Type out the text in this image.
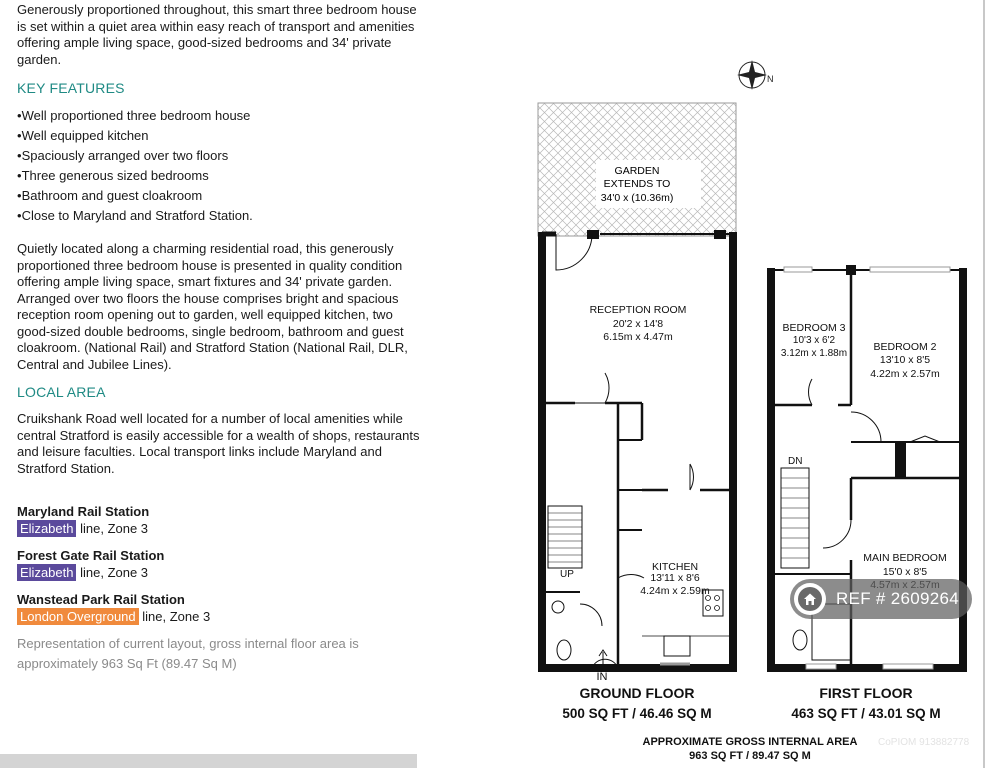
Generously proportioned throughout, this smart three bedroom house is set within a quiet area within easy reach of transport and amenities offering ample living space, good-sized bedrooms and 34' private garden.

KEY FEATURES

• Well proportioned three bedroom house
• Well equipped kitchen
• Spaciously arranged over two floors
• Three generous sized bedrooms
• Bathroom and guest cloakroom
• Close to Maryland and Stratford Station.

Quietly located along a charming residential road, this generously proportioned three bedroom house is presented in quality condition offering ample living space, smart fixtures and 34' private garden. Arranged over two floors the house comprises bright and spacious reception room opening out to garden, well equipped kitchen, two good-sized double bedrooms, single bedroom, bathroom and guest cloakroom. (National Rail) and Stratford Station (National Rail, DLR, Central and Jubilee Lines).

LOCAL AREA

Cruikshank Road well located for a number of local amenities while central Stratford is easily accessible for a wealth of shops, restaurants and leisure faculties. Local transport links include Maryland and Stratford Station.

Maryland Rail Station
Elizabeth line, Zone 3
Forest Gate Rail Station
Elizabeth line, Zone 3
Wanstead Park Rail Station
London Overground line, Zone 3

Representation of current layout, gross internal floor area is approximately 963 Sq Ft (89.47 Sq M)

N
GARDEN
EXTENDS TO
34'0 x (10.36m)
UP
RECEPTION ROOM
20'2 x 14'8
6.15m x 4.47m
KITCHEN
13'11 x 8'6
4.24m x 2.59m
IN
DN
BEDROOM 3
10'3 x 6'2
3.12m x 1.88m
BEDROOM 2
13'10 x 8'5
4.22m x 2.57m
MAIN BEDROOM
15'0 x 8'5
GROUND FLOOR
500 SQ FT / 46.46 SQ M
FIRST FLOOR
463 SQ FT / 43.01 SQ M
APPROXIMATE GROSS INTERNAL AREA
963 SQ FT / 89.47 SQ M
CoPIOM 913882778
REF # 2609264
